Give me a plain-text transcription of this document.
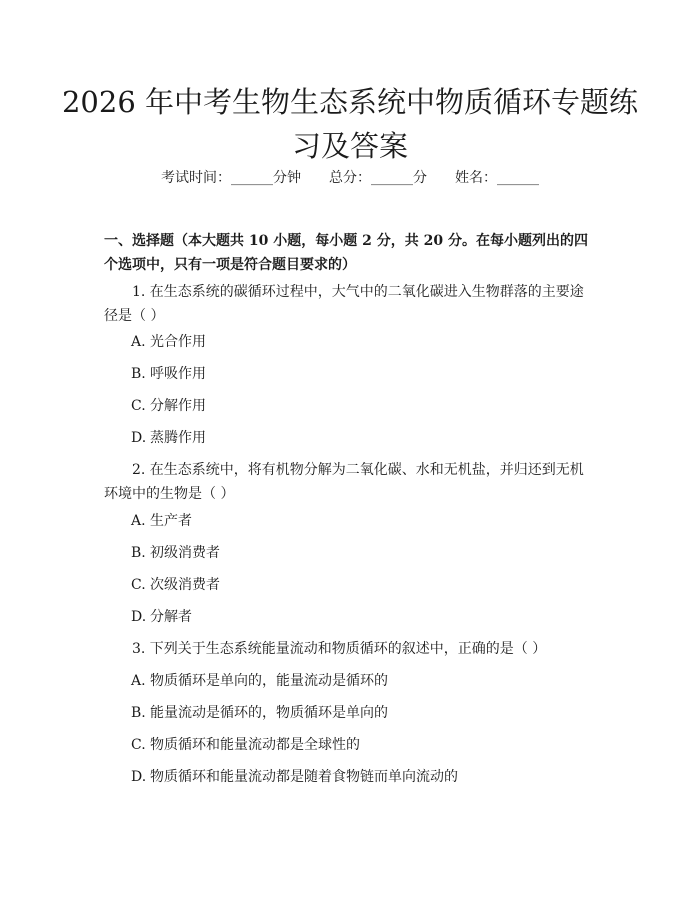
2026 年中考生物生态系统中物质循环专题练
习及答案
考试时间：______分钟 总分：______分 姓名：______
一、选择题（本大题共 10 小题，每小题 2 分，共 20 分。在每小题列出的四个选项中，只有一项是符合题目要求的）
1. 在生态系统的碳循环过程中，大气中的二氧化碳进入生物群落的主要途径是（ ）
A. 光合作用
B. 呼吸作用
C. 分解作用
D. 蒸腾作用
2. 在生态系统中，将有机物分解为二氧化碳、水和无机盐，并归还到无机环境中的生物是（ ）
A. 生产者
B. 初级消费者
C. 次级消费者
D. 分解者
3. 下列关于生态系统能量流动和物质循环的叙述中，正确的是（ ）
A. 物质循环是单向的，能量流动是循环的
B. 能量流动是循环的，物质循环是单向的
C. 物质循环和能量流动都是全球性的
D. 物质循环和能量流动都是随着食物链而单向流动的
